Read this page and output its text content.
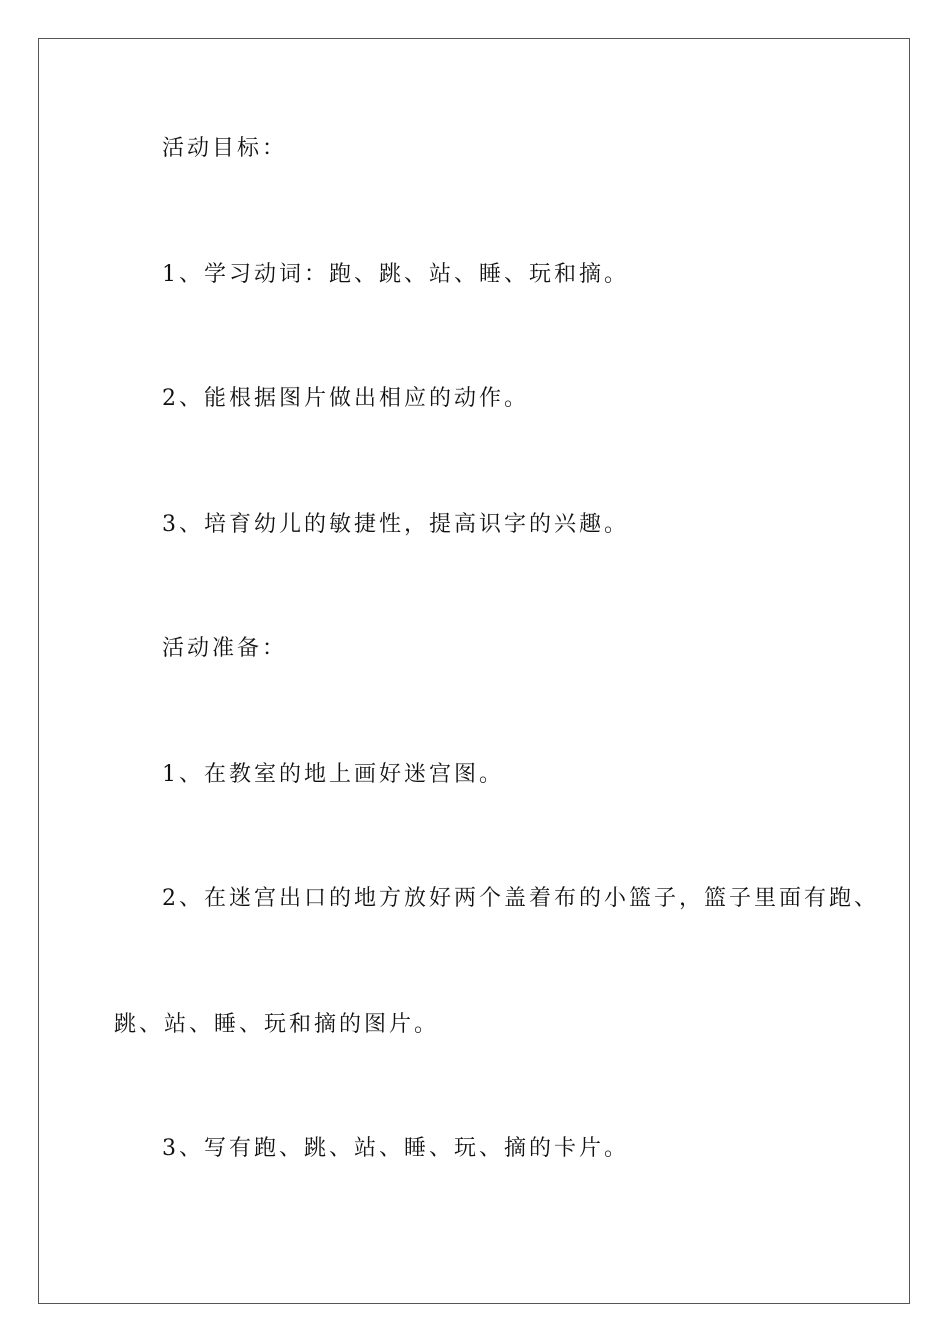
活动目标：
1、学习动词：跑、跳、站、睡、玩和摘。
2、能根据图片做出相应的动作。
3、培育幼儿的敏捷性，提高识字的兴趣。
活动准备：
1、在教室的地上画好迷宫图。
2、在迷宫出口的地方放好两个盖着布的小篮子，篮子里面有跑、
跳、站、睡、玩和摘的图片。
3、写有跑、跳、站、睡、玩、摘的卡片。
